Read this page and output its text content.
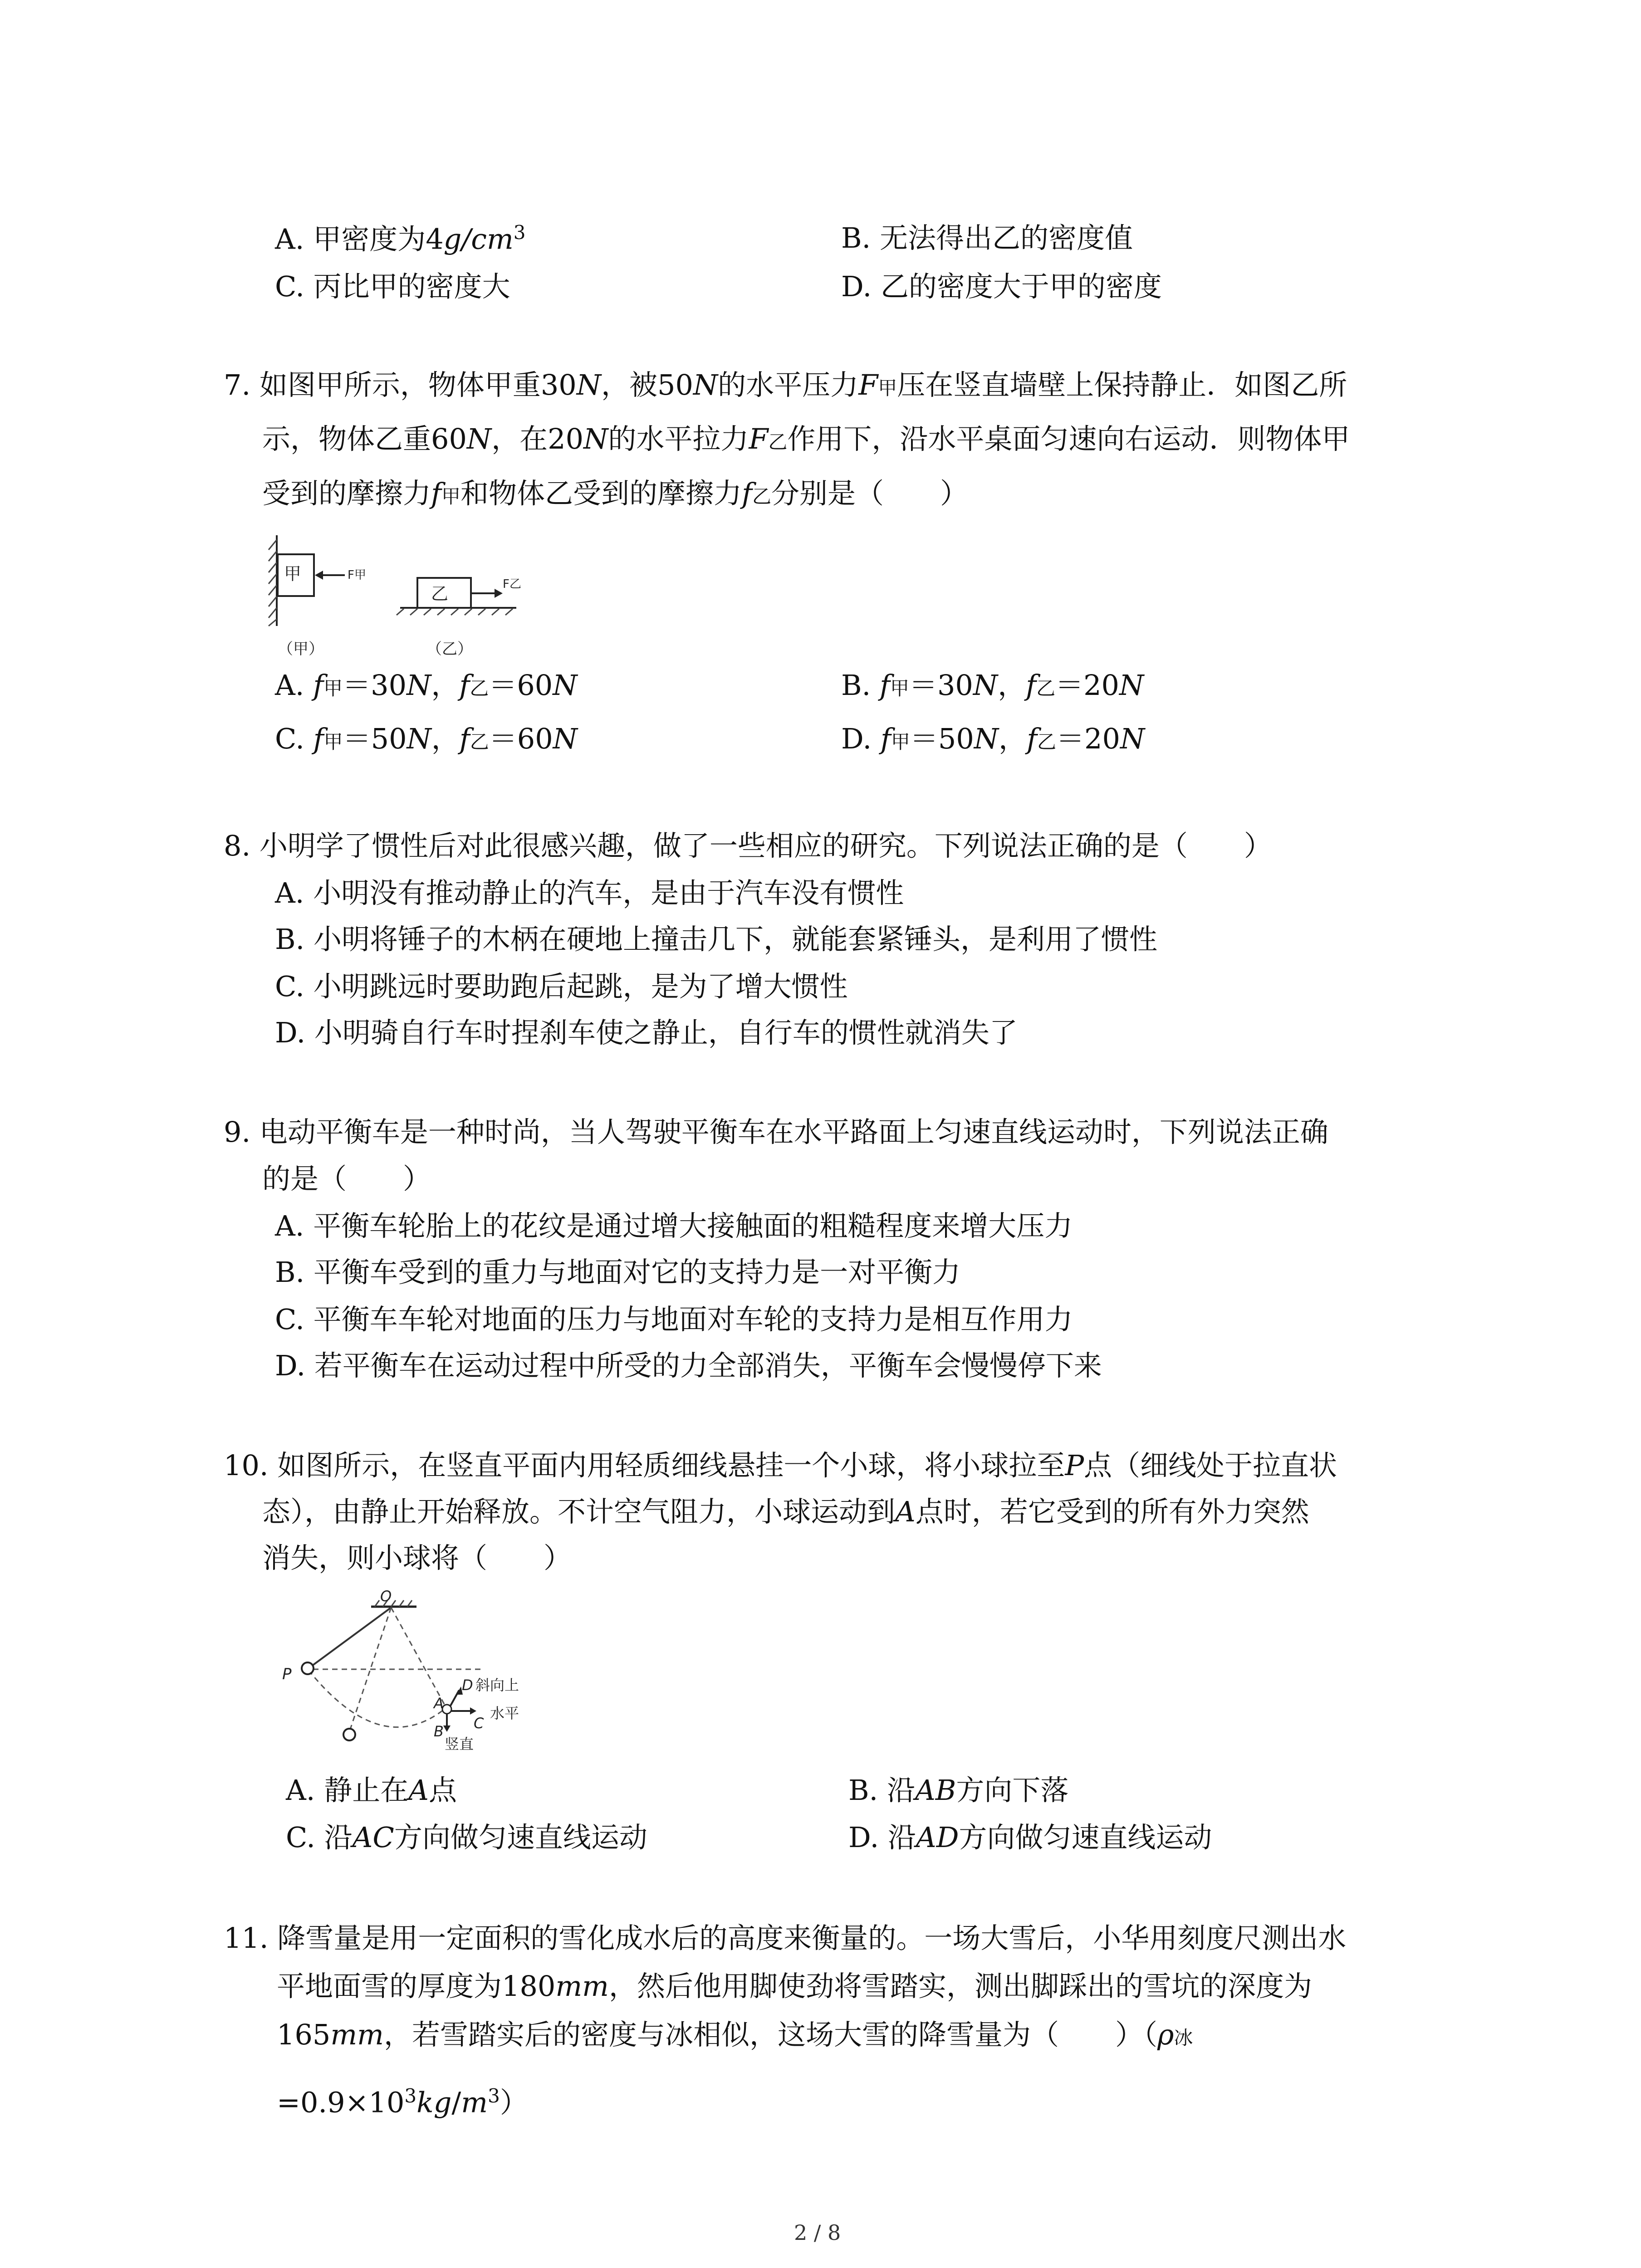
A. 甲密度为$4g/cm^3$	B. 无法得出乙的密度值
C. 丙比甲的密度大	D. 乙的密度大于甲的密度
7. 如图甲所示，物体甲重30N，被50N的水平压力F甲压在竖直墙壁上保持静止．如图乙所
示，物体乙重60N，在20N的水平拉力F乙作用下，沿水平桌面匀速向右运动．则物体甲
受到的摩擦力f甲和物体乙受到的摩擦力f乙分别是（　　）
甲	F甲
乙	F乙
（甲）	（乙）
A. f甲＝30N，f乙＝60N	B. f甲＝30N，f乙＝20N
C. f甲＝50N，f乙＝60N	D. f甲＝50N，f乙＝20N
8. 小明学了惯性后对此很感兴趣，做了一些相应的研究。下列说法正确的是（　　）
A. 小明没有推动静止的汽车，是由于汽车没有惯性
B. 小明将锤子的木柄在硬地上撞击几下，就能套紧锤头，是利用了惯性
C. 小明跳远时要助跑后起跳，是为了增大惯性
D. 小明骑自行车时捏刹车使之静止，自行车的惯性就消失了
9. 电动平衡车是一种时尚，当人驾驶平衡车在水平路面上匀速直线运动时，下列说法正确
的是（　　）
A. 平衡车轮胎上的花纹是通过增大接触面的粗糙程度来增大压力
B. 平衡车受到的重力与地面对它的支持力是一对平衡力
C. 平衡车车轮对地面的压力与地面对车轮的支持力是相互作用力
D. 若平衡车在运动过程中所受的力全部消失，平衡车会慢慢停下来
10. 如图所示，在竖直平面内用轻质细线悬挂一个小球，将小球拉至P点（细线处于拉直状
态），由静止开始释放。不计空气阻力，小球运动到A点时，若它受到的所有外力突然
消失，则小球将（　　）
O
P
A
D 斜向上
水平
C
B
竖直
A. 静止在A点	B. 沿AB方向下落
C. 沿AC方向做匀速直线运动	D. 沿AD方向做匀速直线运动
11. 降雪量是用一定面积的雪化成水后的高度来衡量的。一场大雪后，小华用刻度尺测出水
平地面雪的厚度为180mm，然后他用脚使劲将雪踏实，测出脚踩出的雪坑的深度为
165mm，若雪踏实后的密度与冰相似，这场大雪的降雪量为（　　）（ρ冰
$=0.9\times 10^3kg/m^3$）
2 / 8
